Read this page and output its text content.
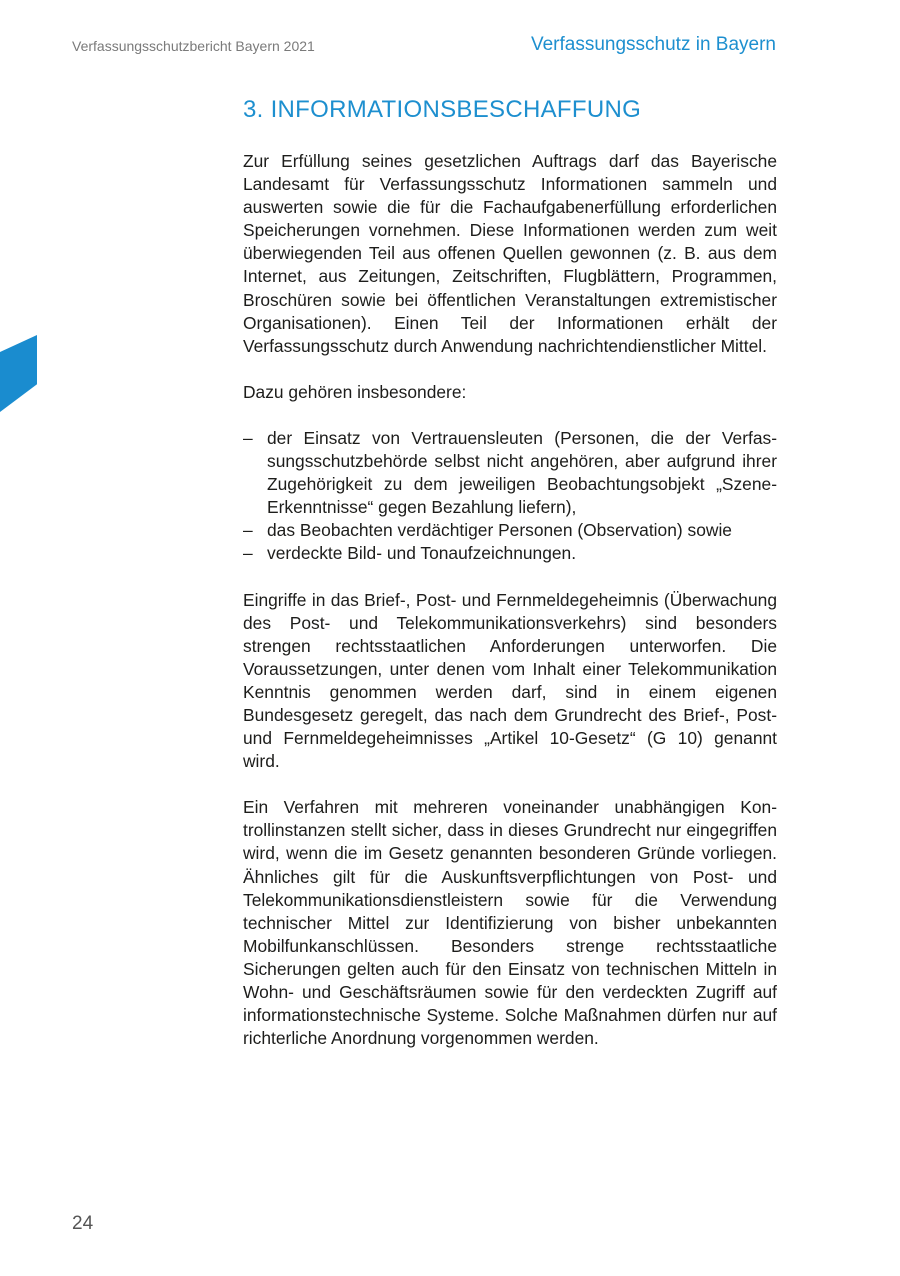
Verfassungsschutzbericht Bayern 2021	Verfassungsschutz in Bayern
3. INFORMATIONSBESCHAFFUNG

Zur Erfüllung seines gesetzlichen Auftrags darf das Bayerische Landesamt für Verfassungsschutz Informationen sammeln und auswerten sowie die für die Fachaufgabenerfüllung erforderlichen Speicherungen vornehmen. Diese Informationen werden zum weit überwiegenden Teil aus offenen Quellen gewonnen (z. B. aus dem Internet, aus Zeitungen, Zeitschriften, Flugblättern, Programmen, Broschüren sowie bei öffentlichen Veranstaltungen extremistischer Organisationen). Einen Teil der Informationen erhält der Verfassungsschutz durch Anwendung nachrichtendienstlicher Mittel.

Dazu gehören insbesondere:

– der Einsatz von Vertrauensleuten (Personen, die der Verfassungsschutzbehörde selbst nicht angehören, aber aufgrund ihrer Zugehörigkeit zu dem jeweiligen Beobachtungsobjekt „Szene-Erkenntnisse“ gegen Bezahlung liefern),
– das Beobachten verdächtiger Personen (Observation) sowie
– verdeckte Bild- und Tonaufzeichnungen.

Eingriffe in das Brief-, Post- und Fernmeldegeheimnis (Überwachung des Post- und Telekommunikationsverkehrs) sind besonders strengen rechtsstaatlichen Anforderungen unterworfen. Die Voraussetzungen, unter denen vom Inhalt einer Telekommunikation Kenntnis genommen werden darf, sind in einem eigenen Bundesgesetz geregelt, das nach dem Grundrecht des Brief-, Post- und Fernmeldegeheimnisses „Artikel 10-Gesetz“ (G 10) genannt wird.

Ein Verfahren mit mehreren voneinander unabhängigen Kontrollinstanzen stellt sicher, dass in dieses Grundrecht nur eingegriffen wird, wenn die im Gesetz genannten besonderen Gründe vorliegen. Ähnliches gilt für die Auskunftsverpflichtungen von Post- und Telekommunikationsdienstleistern sowie für die Verwendung technischer Mittel zur Identifizierung von bisher unbekannten Mobilfunkanschlüssen. Besonders strenge rechtsstaatliche Sicherungen gelten auch für den Einsatz von technischen Mitteln in Wohn- und Geschäftsräumen sowie für den verdeckten Zugriff auf informationstechnische Systeme. Solche Maßnahmen dürfen nur auf richterliche Anordnung vorgenommen werden.

24
